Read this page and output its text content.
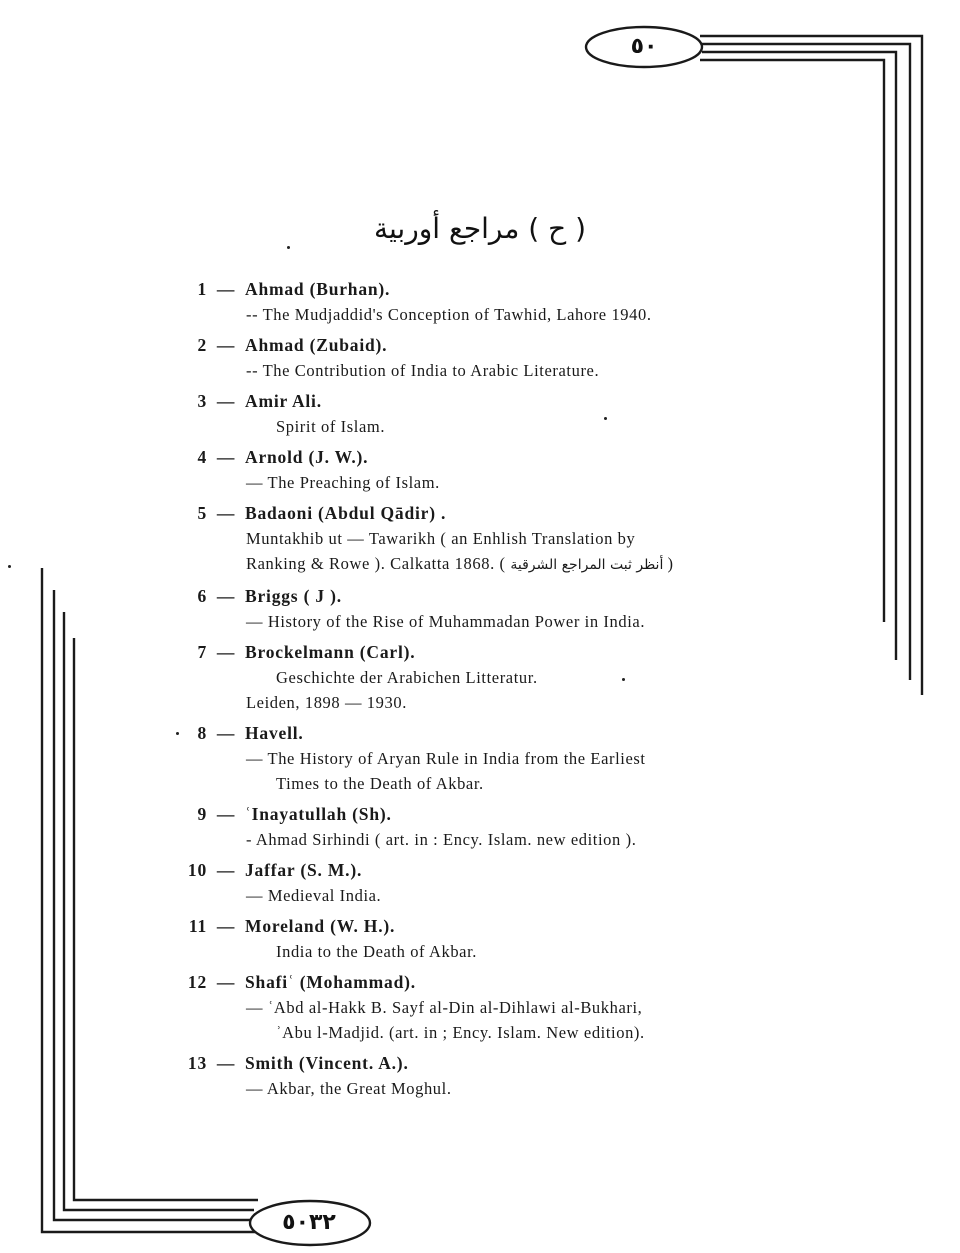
٥٠
٥٠٣٢
( ح ) مراجع أوربية
1 — Ahmad (Burhan).
-- The Mudjaddid's Conception of Tawhid, Lahore 1940.
2 — Ahmad (Zubaid).
-- The Contribution of India to Arabic Literature.
3 — Amir Ali.
Spirit of Islam.
4 — Arnold (J. W.).
— The Preaching of Islam.
5 — Badaoni (Abdul Qādir) .
Muntakhib ut — Tawarikh ( an Enhlish Translation by
Ranking & Rowe ). Calkatta 1868. ( أنظر ثبت المراجع الشرقية )
6 — Briggs ( J ).
— History of the Rise of Muhammadan Power in India.
7 — Brockelmann (Carl).
Geschichte der Arabichen Litteratur.
Leiden, 1898 — 1930.
8 — Havell.
— The History of Aryan Rule in India from the Earliest
Times to the Death of Akbar.
9 — ʿInayatullah (Sh).
- Ahmad Sirhindi ( art. in : Ency. Islam. new edition ).
10 — Jaffar (S. M.).
— Medieval India.
11 — Moreland (W. H.).
India to the Death of Akbar.
12 — Shafiʿ (Mohammad).
— ʿAbd al-Hakk B. Sayf al-Din al-Dihlawi al-Bukhari,
ʾAbu l-Madjid. (art. in ; Ency. Islam. New edition).
13 — Smith (Vincent. A.).
— Akbar, the Great Moghul.
